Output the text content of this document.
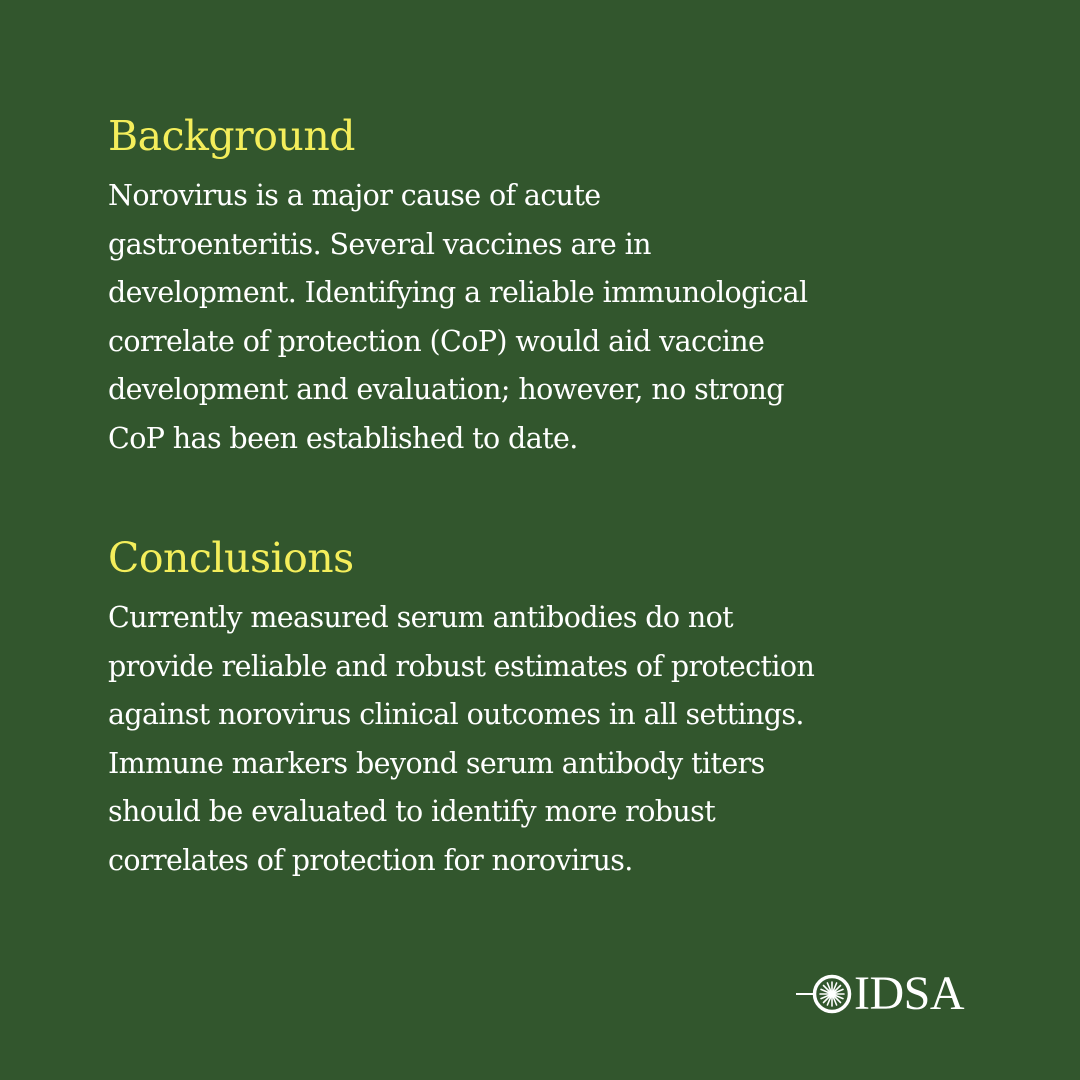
Background

Norovirus is a major cause of acute
gastroenteritis. Several vaccines are in
development. Identifying a reliable immunological
correlate of protection (CoP) would aid vaccine
development and evaluation; however, no strong
CoP has been established to date.

Conclusions

Currently measured serum antibodies do not
provide reliable and robust estimates of protection
against norovirus clinical outcomes in all settings.
Immune markers beyond serum antibody titers
should be evaluated to identify more robust
correlates of protection for norovirus.

IDSA
